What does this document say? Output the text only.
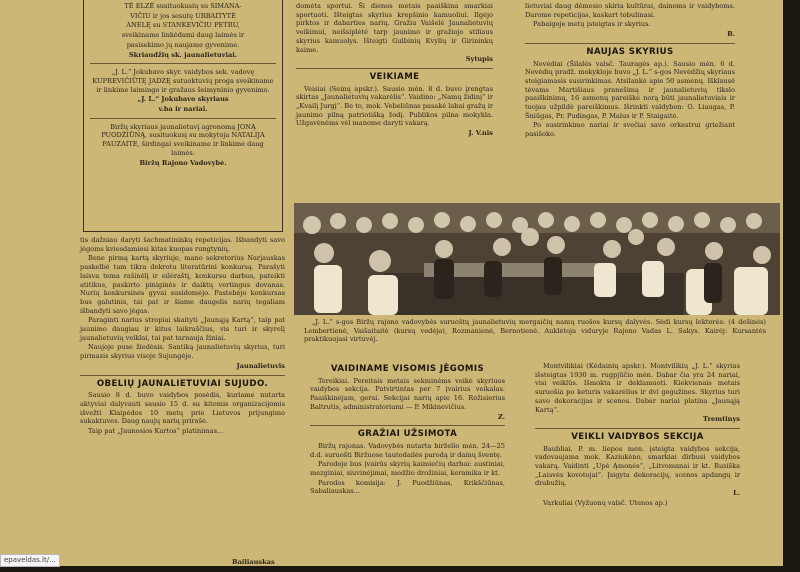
TĖ ELZĖ susituokusių su SIMANA-

VIČIU ir jos sesutę URBAITYTĖ

ANELĘ su STANKEVIČIU PETRU,

sveikiname linkėdami daug laimės ir

pasisekimo jų naujame gyvenime.

Skriaudžių sk. jaunalietuviai.

„J. L.“ Jokubavo skyr. vaidybos sek. vadovę KUPREVIČIŪTĘ JADZĘ sutuoktuvių proga sveikiname ir linkime laimingo ir gražaus šeimyninio gyvenimo.

„J. L.“ Jokubavo skyriaus

v.ba ir nariai.

Biržų skyriaus jaunalietuvį agronomą JONĄ PUODŽIŪNĄ, susituokusį su mokytoja NATALIJA PAUZAITE, širdingai sveikiname ir linkime daug laimės.

Biržų Rajono Vadovybė.

tis dažniau daryti šachmatininkų repeticijas. Išbandyti savo jėgoms kviesdamiesi kitas kuopas rungtynių.

Bene pirmą kartą skyriuje, mano sekretorius Narjauskas paskelbė tam tikra dekrotu literatūrini konkursą. Parašyti laisva tema rašinėlį ir eilėraštį, konkursu darbus, pateikti atitikus, paskirto piniginės ir daiktų vertingus dovanas. Nurių konkursinės gyvai susidomėjo. Pastebėjo konkursas bus galutinis, tai pat ir šiame daugelis narių tegaliam išbandyti savo jėgas.

Paraginti narius stropiai skaityti „Jaunąją Kartą“, taip pat jaunimo daugiau ir kitus laikraščius, vis turi ir skyrelį jaunalietuvių veiklai, tai pat tarnauja žiniai.

Naujoje puse žiedėsis. Santiką jaunalietuvių skyrius, turi pirmasis skyrius visoje Sujungėje.

Jaunalietuvis

OBELIŲ JAUNALIETUVIAI SUJUDO.

Sausio 8 d. buvo vaidybos posėdis, kuriame nutarta aktyviai dalyvauti sausio 15 d. su kitomis organizacijomis išvežti Klaipėdos 10 metų prie Lietuvos prijungimo sukaktuves. Daug naujų narių prirašė.

Taip pat „Jaunosios Kartos“ platinimas...

domėta sportui. Ši dienos metais paaiškina smarkiai sportuoti. Išteigtas skyrius krepšinio kamuoliui. Ilgėjo pirktos ir dabarties narių. Gražiu Vaišelė Jaunalietuvių veikimui, neišsiplėtė tarp jaunimo ir gražiojo stiliaus skyrius kamuolys. Išteigti Gulbinių Kvylių ir Girininkų kaime.

Sytupis

VEIKIAME

Veisiai (Seinų apskr.). Sausio mėn. 8 d. buvo įrengtas skirtas „Jaunalietuvių vakarėlis“. Vaidino: „Namų židinį“ ir „Kvailį Jurgį“. Be to, mok. Vebeliūnas pasakė labai gražų ir jaunimo pilną patriotišką žodį. Publikos pilna mokykla. Užgavėnėms vėl manome daryti vakarą.

J. V.nis

lietuviai daug dėmesio skiria kultūrai, dainoms ir vaidyboms. Darome repeticijas, kaskart tobulinasi.

Pabaigoje metų įsteigtas ir skyrius.

B.

NAUJAS SKYRIUS

Nevėdiai (Šilalės valsč. Tauragės ap.). Sausio mėn. 6 d. Nevėdių pradž. mokykloje buvo „J. L.“ s-gos Nevėdžių skyriaus steigiamasis susirinkimas. Atsilankė apie 50 asmenų. Išklausė tėvams Martišiaus pranešimą ir jaunalietuvių tikslo paaiškinimų, 16 asmenų pareiškė norą būti jaunalietuviais ir tuojau užpildė pareiškimus. Išrinkti valdybon: O. Liaugas, P. Šniūgas, Pr. Pudingas, P. Malus ir P. Staigaitė.

Po susirinkimo nariai ir svečiai savo orkestrui griežiant pasišoko.

„J. L.“ s-gos Biržų rajono vadovybės suruoštų jaunalietuvių mergaičių namų ruošos kursų dalyvės. Sėdi kursų lektorės: (4 dešinės) Lembertienė, Vaišaitaitė (kursų vedėja), Rozmanienė, Bernotienė. Auklėtoja viduryje Rajono Vadas L. Sakys. Kairėj: Kursantės praktikuojasi virtuvėj.

VAIDINAME VISOMIS JĖGOMIS

Tereikiai. Pereitais metais sekminėms veikė skyriuos vaidybos sekcija. Patvirtintas per 7 įvairius veikalas. Paaiškinėjam, gerai. Sekcijai narių apie 16. Rėžisierius Baltrutis, administratoriumi — P. Mikinevičius.

Z.

GRAŽIAI UŽSIMOTA

Biržų rajonas. Vadovybės nutarta birželio mėn. 24—25 d.d. suruošti Biržuose tautodailės parodą ir dainų šventę.

Parodoje bus įvairūs skyrių kaimiečių darbai: austiniai, mezginiai, siuvinėjimai, medžio drožiniai, keramika ir kt.

Parodos komisija: J. Puodžiūnas, Krikščiūnas, Sabaliauskas...

Montvilikiai (Kėdainių apskr.). Montvilikių „J. L.“ skyrius išsteigtas 1930 m. rugpjūčio mėn. Dabar čia yra 24 nariai, visi veiklūs. Išmokta ir deklamuoti. Kiekvienais metais suruošia po keturis vakarėlius ir dvi gegužines. Skyrius turi savo dekoracijas ir scenos. Dabar nariai platina „Jaunąją Kartą“.

Tremtinys

VEIKLI VAIDYBOS SEKCIJA

Baubliai. P. m. liepos mėn. įsteigta vaidybos sekcija, vadovaujama mok. Kaziukėno, smarkiai dirbusi vaidybos vakarą. Vaidinti „Upė Ąmonės“, „Litvomanai ir kt. Rusiška „Laisvės kovotojai“. Įsigyta dekoracijų, scenos apdangų ir drabužių.

L.

Varkuliai (Vyžuonų valsč. Utenos ap.)

Bailiauskas
epaveldas.lt/...
